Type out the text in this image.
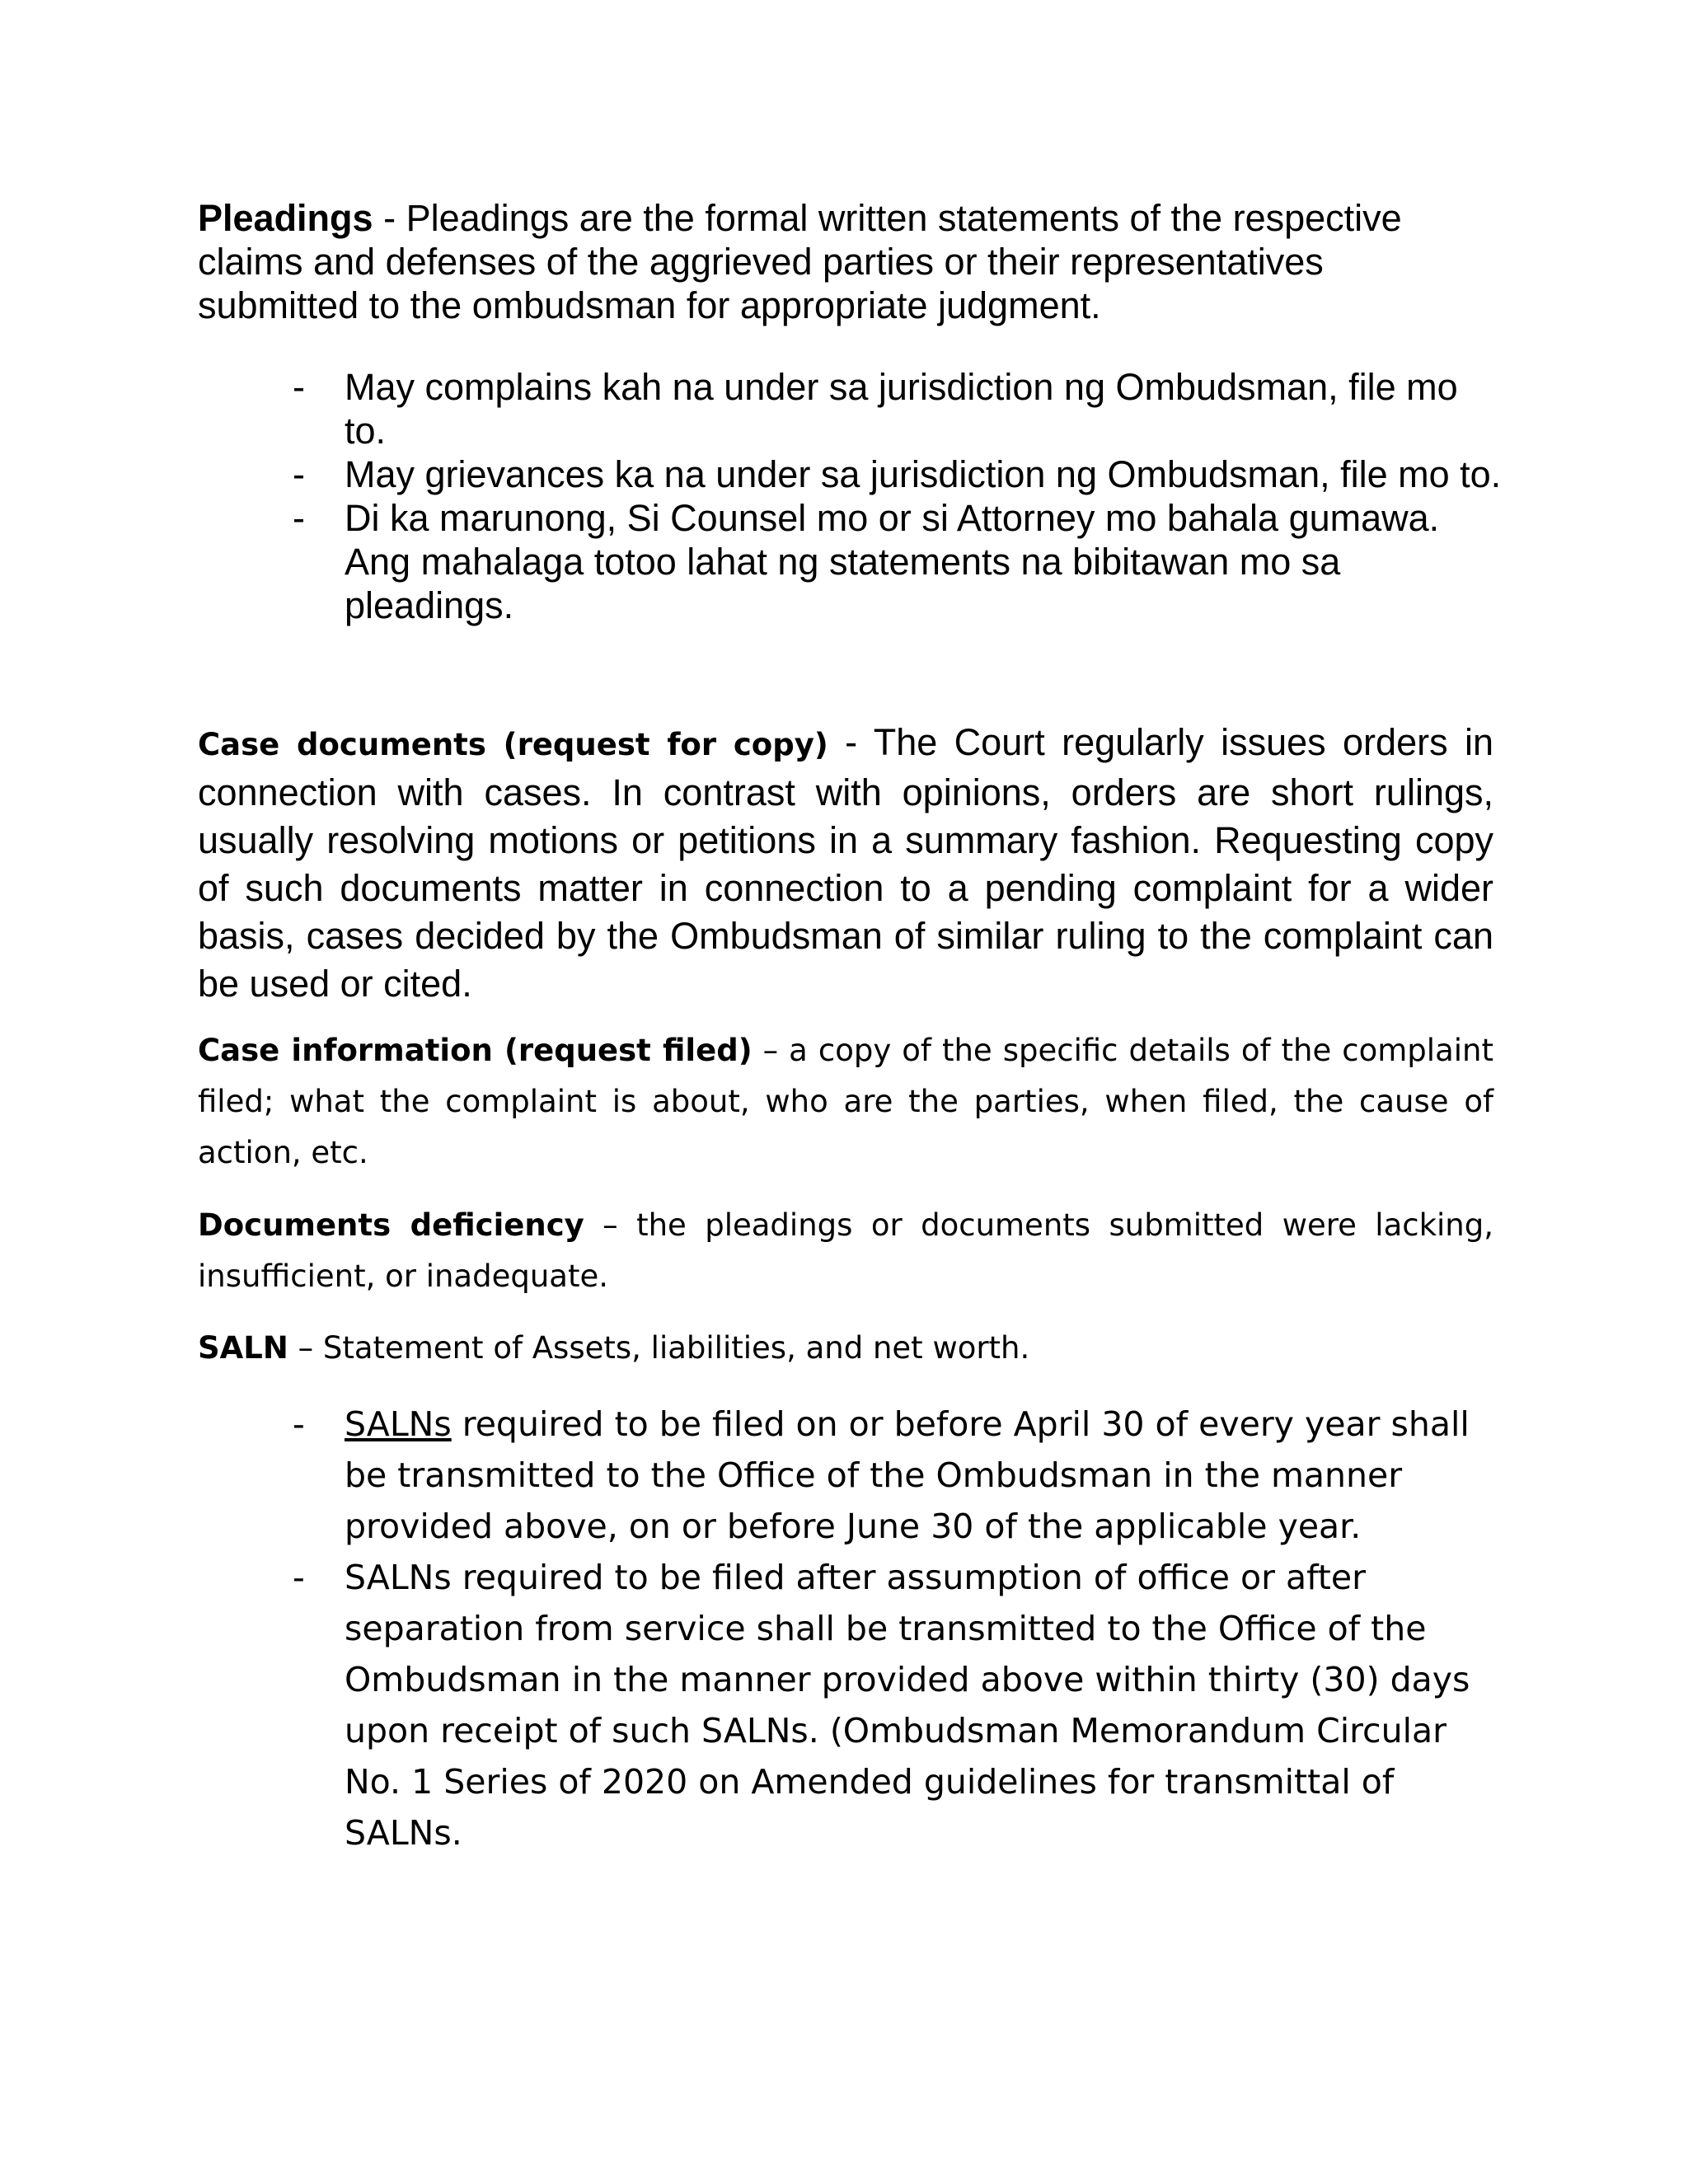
Pleadings - Pleadings are the formal written statements of the respective claims and defenses of the aggrieved parties or their representatives submitted to the ombudsman for appropriate judgment.

- May complains kah na under sa jurisdiction ng Ombudsman, file mo to.
- May grievances ka na under sa jurisdiction ng Ombudsman, file mo to.
- Di ka marunong, Si Counsel mo or si Attorney mo bahala gumawa. Ang mahalaga totoo lahat ng statements na bibitawan mo sa pleadings.

Case documents (request for copy) - The Court regularly issues orders in connection with cases. In contrast with opinions, orders are short rulings, usually resolving motions or petitions in a summary fashion. Requesting copy of such documents matter in connection to a pending complaint for a wider basis, cases decided by the Ombudsman of similar ruling to the complaint can be used or cited.

Case information (request filed) – a copy of the specific details of the complaint filed; what the complaint is about, who are the parties, when filed, the cause of action, etc.

Documents deficiency – the pleadings or documents submitted were lacking, insufficient, or inadequate.

SALN – Statement of Assets, liabilities, and net worth.

- SALNs required to be filed on or before April 30 of every year shall be transmitted to the Office of the Ombudsman in the manner provided above, on or before June 30 of the applicable year.
- SALNs required to be filed after assumption of office or after separation from service shall be transmitted to the Office of the Ombudsman in the manner provided above within thirty (30) days upon receipt of such SALNs. (Ombudsman Memorandum Circular No. 1 Series of 2020 on Amended guidelines for transmittal of SALNs.
